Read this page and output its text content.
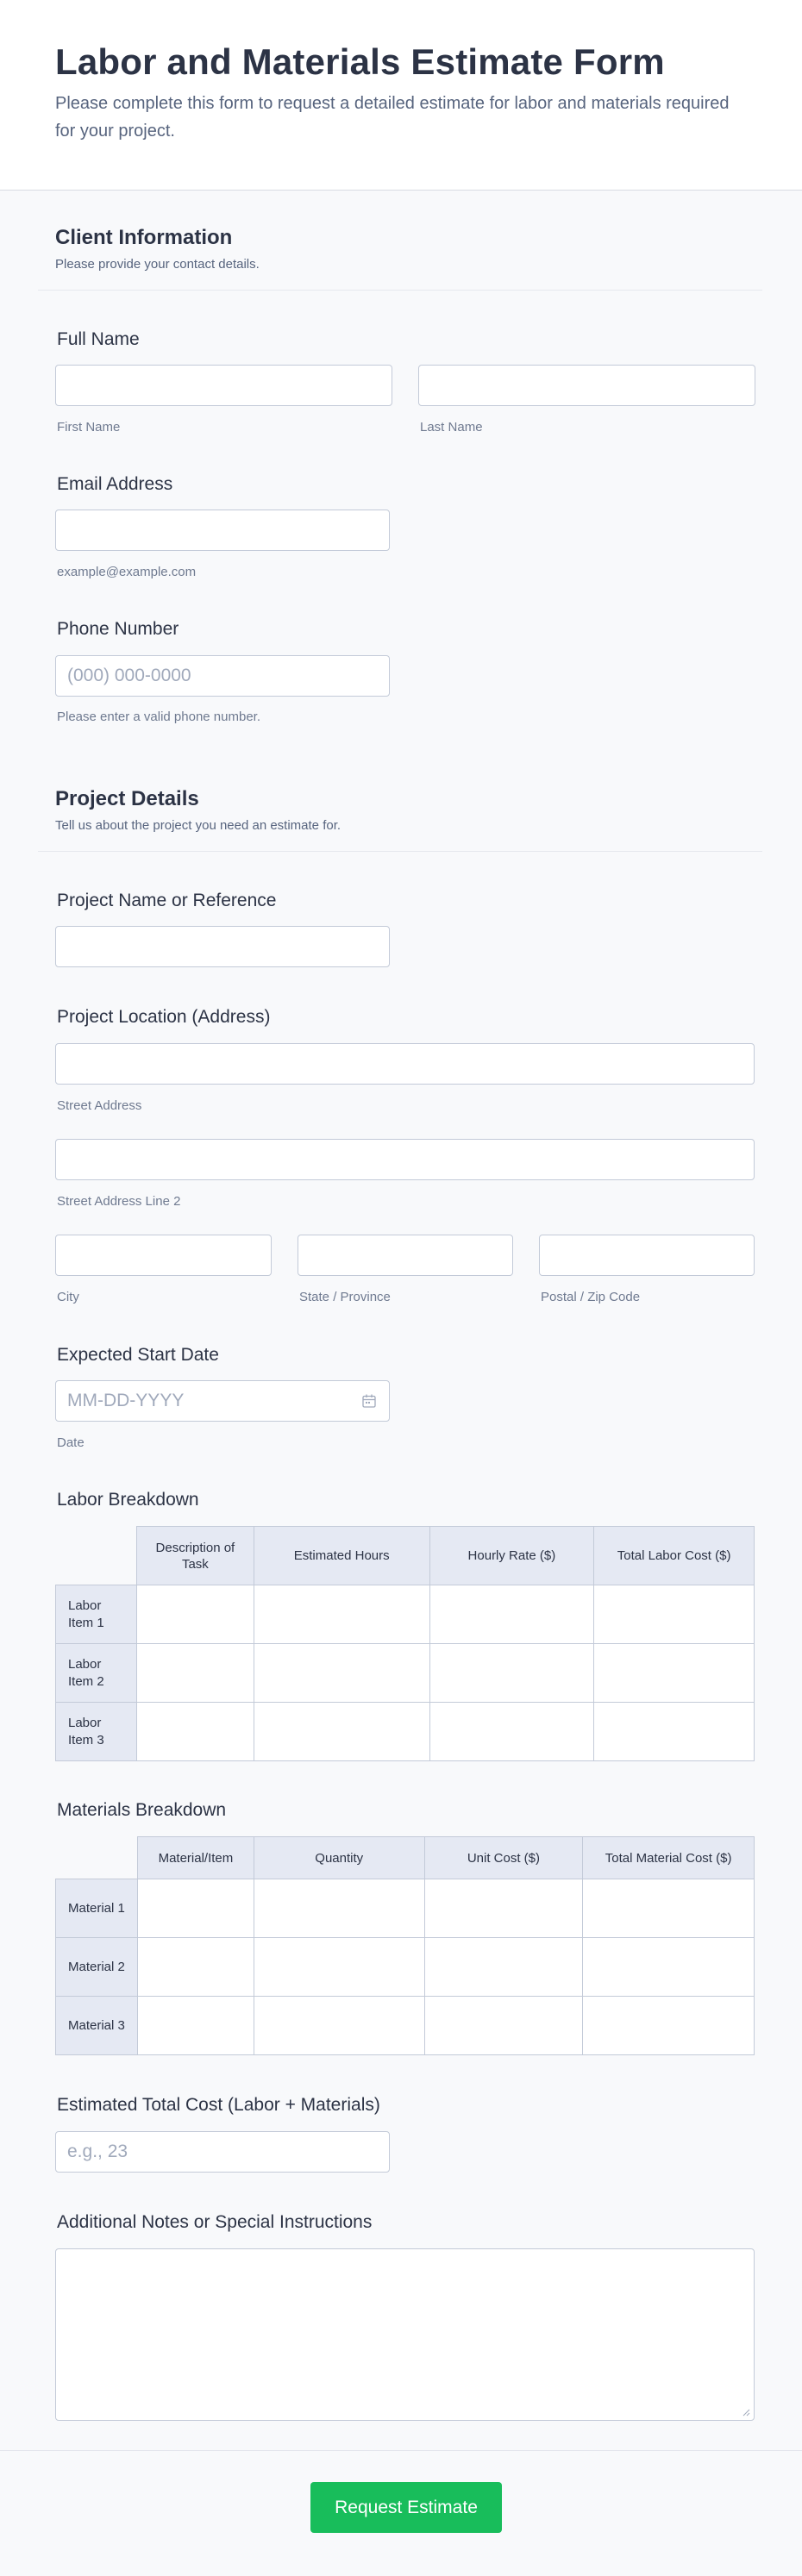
Labor and Materials Estimate Form
Please complete this form to request a detailed estimate for labor and materials required for your project.
Client Information
Please provide your contact details.
Full Name
First Name	Last Name
Email Address
example@example.com
Phone Number
(000) 000-0000
Please enter a valid phone number.
Project Details
Tell us about the project you need an estimate for.
Project Name or Reference
Project Location (Address)
Street Address
Street Address Line 2
City	State / Province	Postal / Zip Code
Expected Start Date
MM-DD-YYYY
Date
Labor Breakdown
	Description of Task	Estimated Hours	Hourly Rate ($)	Total Labor Cost ($)
Labor Item 1				
Labor Item 2				
Labor Item 3				
Materials Breakdown
	Material/Item	Quantity	Unit Cost ($)	Total Material Cost ($)
Material 1				
Material 2				
Material 3				
Estimated Total Cost (Labor + Materials)
e.g., 23
Additional Notes or Special Instructions
Request Estimate
